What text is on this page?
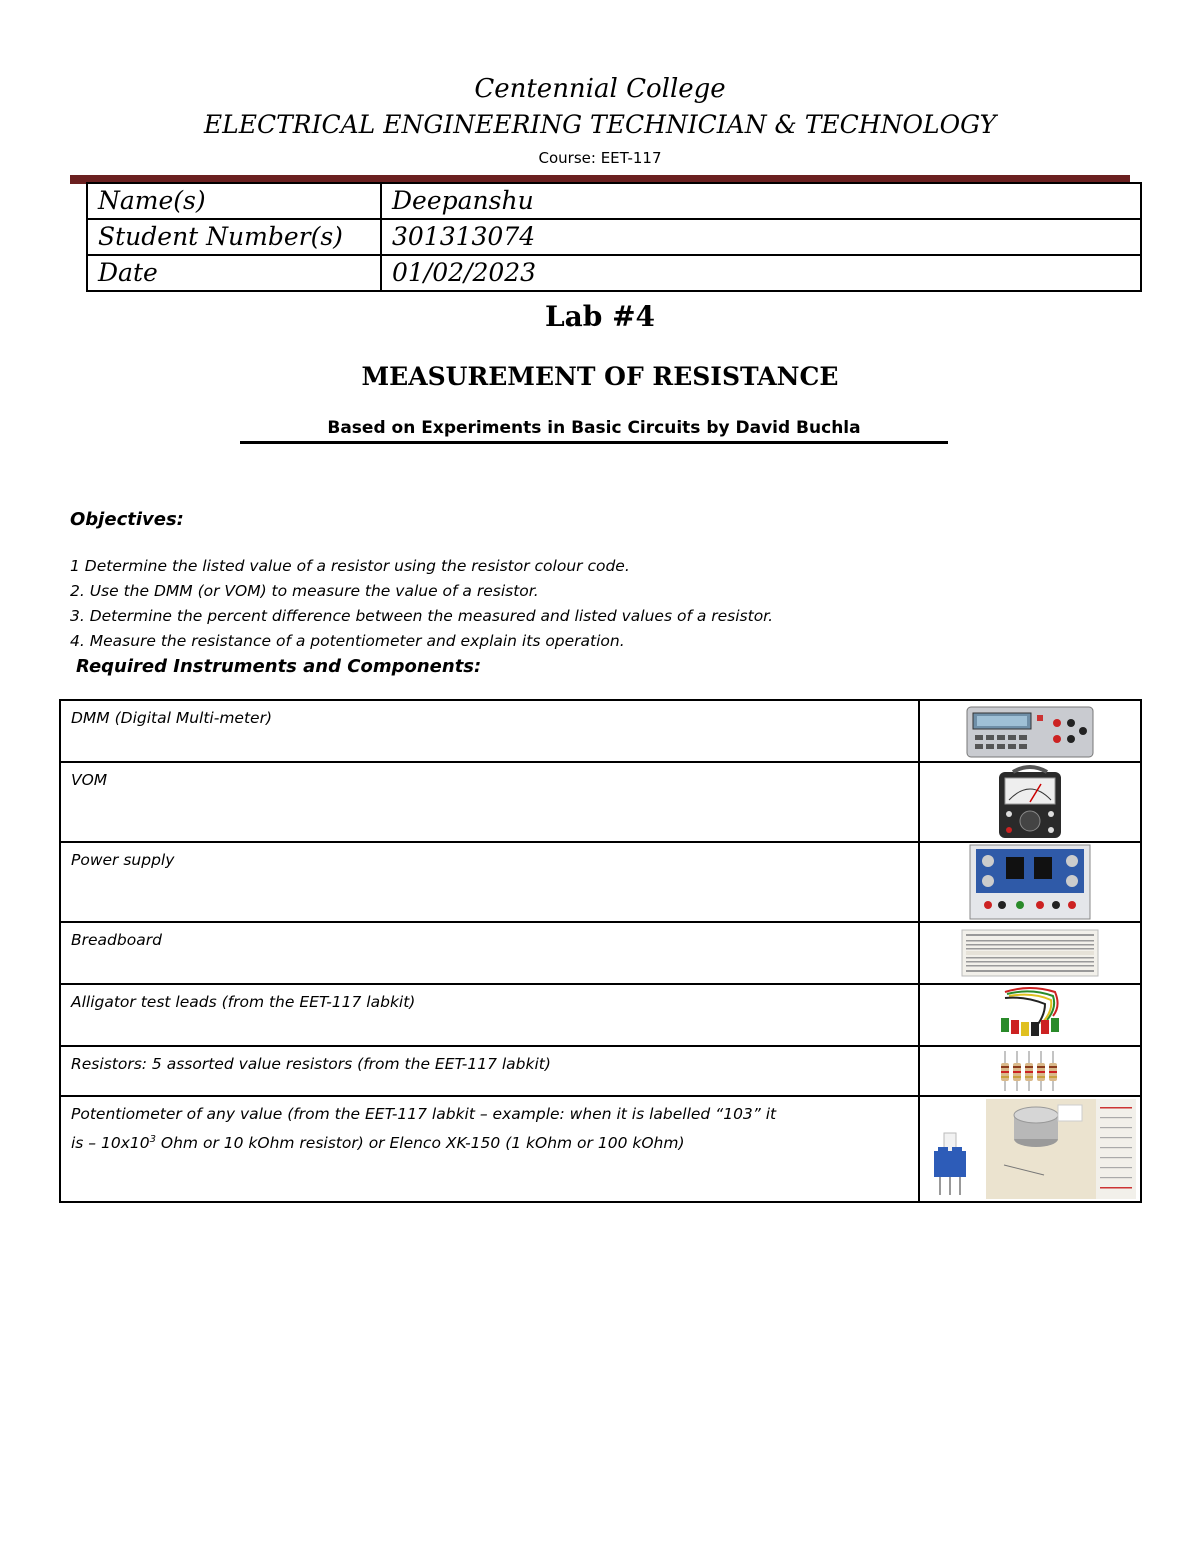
Centennial College
ELECTRICAL ENGINEERING TECHNICIAN & TECHNOLOGY
Course: EET-117
Name(s)	Deepanshu
Student Number(s)	301313074
Date	01/02/2023
Lab #4
MEASUREMENT OF RESISTANCE
Based on Experiments in Basic Circuits by David Buchla
Objectives:
1 Determine the listed value of a resistor using the resistor colour code.
2. Use the DMM (or VOM) to measure the value of a resistor.
3. Determine the percent difference between the measured and listed values of a resistor.
4. Measure the resistance of a potentiometer and explain its operation.
Required Instruments and Components:
DMM (Digital Multi-meter)	

VOM	

Power supply	

Breadboard	

Alligator test leads (from the EET-117 labkit)	

Resistors: 5 assorted value resistors (from the EET-117 labkit)	

Potentiometer of any value (from the EET-117 labkit – example: when it is labelled “103” it
is – $10x10^3$ Ohm or 10 kOhm resistor) or Elenco XK-150 (1 kOhm or 100 kOhm)	
